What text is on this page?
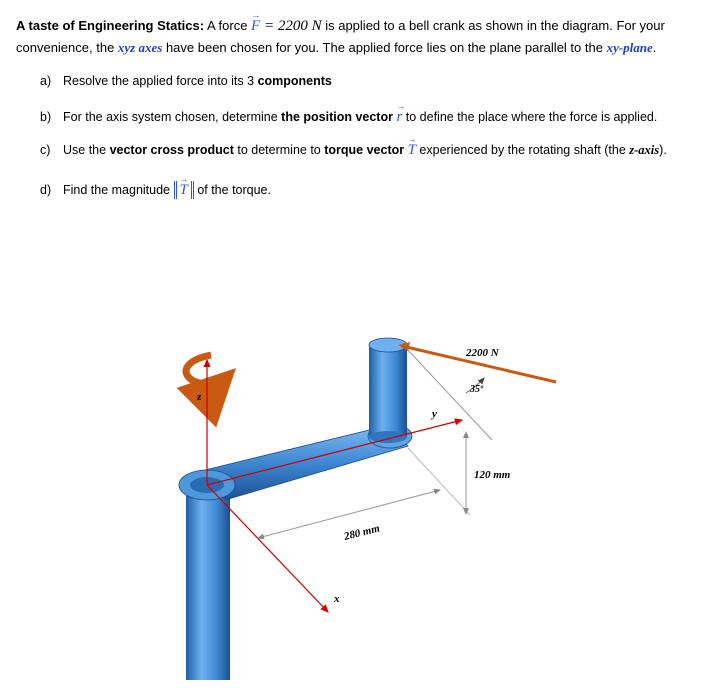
A taste of Engineering Statics: A force → F = 2200 N is applied to a bell crank as shown in the diagram. For your convenience, the xyz axes have been chosen for you. The applied force lies on the plane parallel to the xy-plane.
a) Resolve the applied force into its 3 components
b) For the axis system chosen, determine the position vector → r to define the place where the force is applied.
c) Use the vector cross product to determine to torque vector → T experienced by the rotating shaft (the z-axis).
d) Find the magnitude → T of the torque.
2200 N
35º
120 mm
280 mm
x
y
z
